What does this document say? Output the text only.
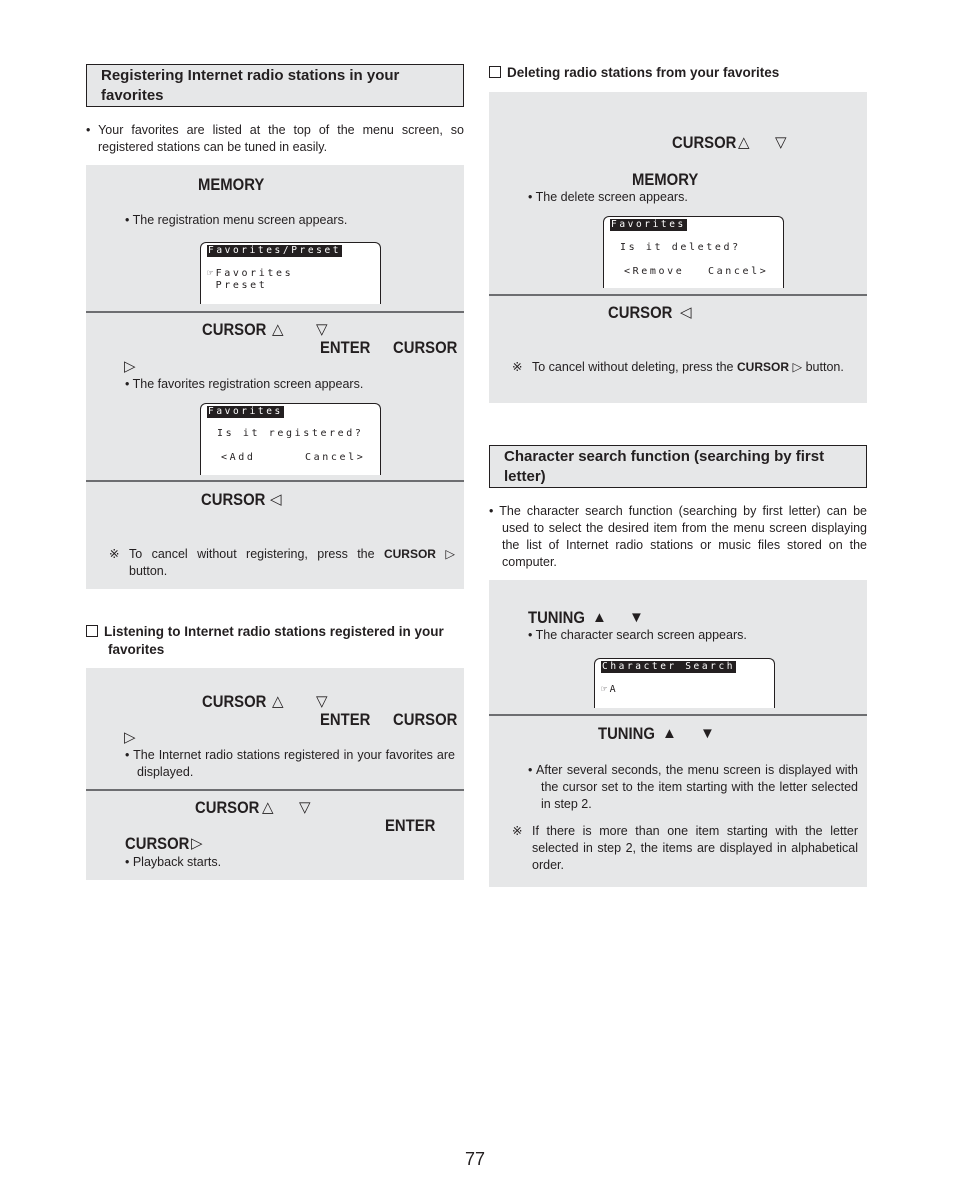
Registering Internet radio stations in your favorites
• Your favorites are listed at the top of the menu screen, so registered stations can be tuned in easily.
MEMORY
• The registration menu screen appears.
Favorites/Preset
☞Favorites
Preset
CURSOR △ ▽
ENTER CURSOR
▷
• The favorites registration screen appears.
Favorites
Is it registered?
<Add	Cancel>
CURSOR ◁
※ To cancel without registering, press the CURSOR ▷ button.
Listening to Internet radio stations registered in your favorites
CURSOR △ ▽
ENTER CURSOR
▷
• The Internet radio stations registered in your favorites are displayed.
CURSOR △ ▽
ENTER
CURSOR ▷
• Playback starts.
Deleting radio stations from your favorites
CURSOR △ ▽
MEMORY
• The delete screen appears.
Favorites
Is it deleted?
<Remove Cancel>
CURSOR ◁
※ To cancel without deleting, press the CURSOR ▷ button.
Character search function (searching by first letter)
• The character search function (searching by first letter) can be used to select the desired item from the menu screen displaying the list of Internet radio stations or music files stored on the computer.
TUNING ▲ ▼
• The character search screen appears.
Character Search
☞A
TUNING ▲ ▼
• After several seconds, the menu screen is displayed with the cursor set to the item starting with the letter selected in step 2.
※ If there is more than one item starting with the letter selected in step 2, the items are displayed in alphabetical order.
77
